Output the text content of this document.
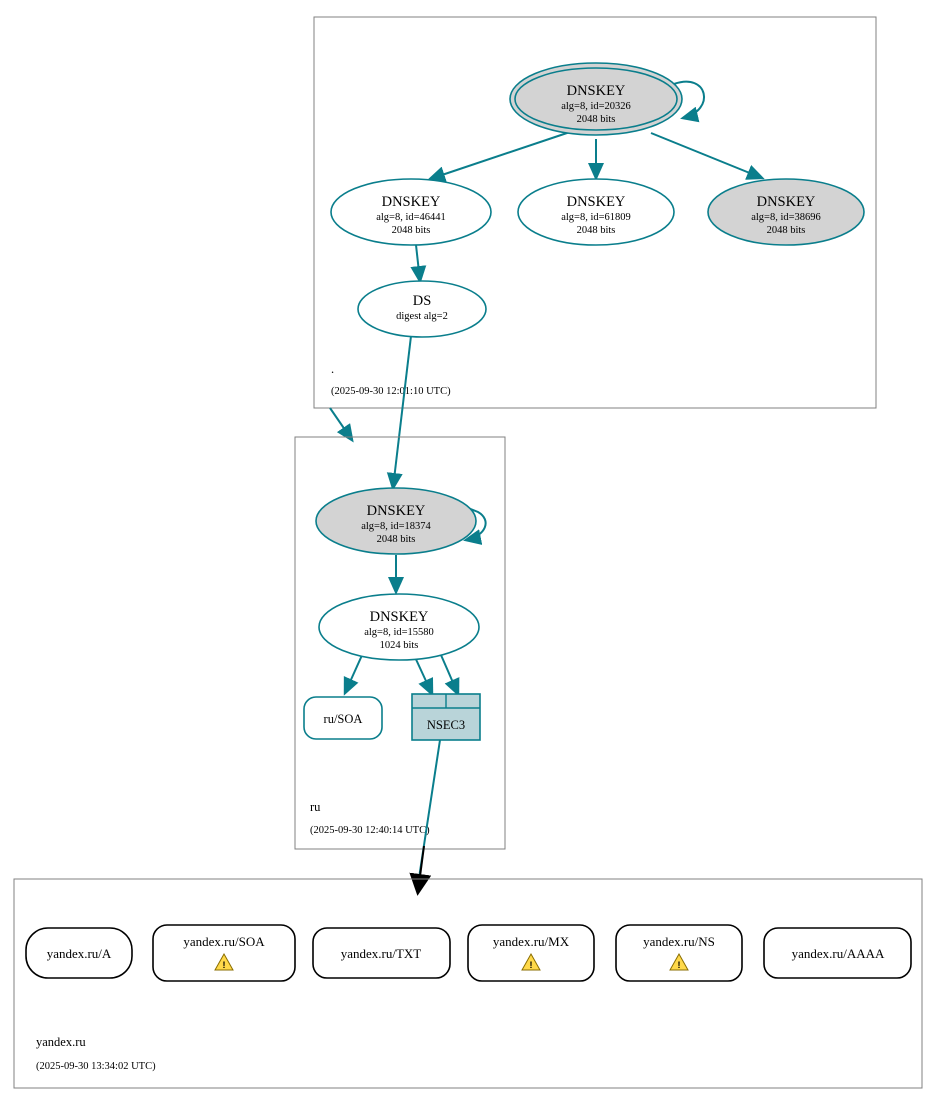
.
(2025-09-30 12:01:10 UTC)
DNSKEY
alg=8, id=20326
2048 bits
DNSKEY
alg=8, id=46441
2048 bits
DNSKEY
alg=8, id=61809
2048 bits
DNSKEY
alg=8, id=38696
2048 bits
DS
digest alg=2
ru
(2025-09-30 12:40:14 UTC)
DNSKEY
alg=8, id=18374
2048 bits
DNSKEY
alg=8, id=15580
1024 bits
ru/SOA	NSEC3
yandex.ru
(2025-09-30 13:34:02 UTC)
yandex.ru/A
yandex.ru/SOA
!
yandex.ru/TXT
yandex.ru/MX
!
yandex.ru/NS
!
yandex.ru/AAAA
